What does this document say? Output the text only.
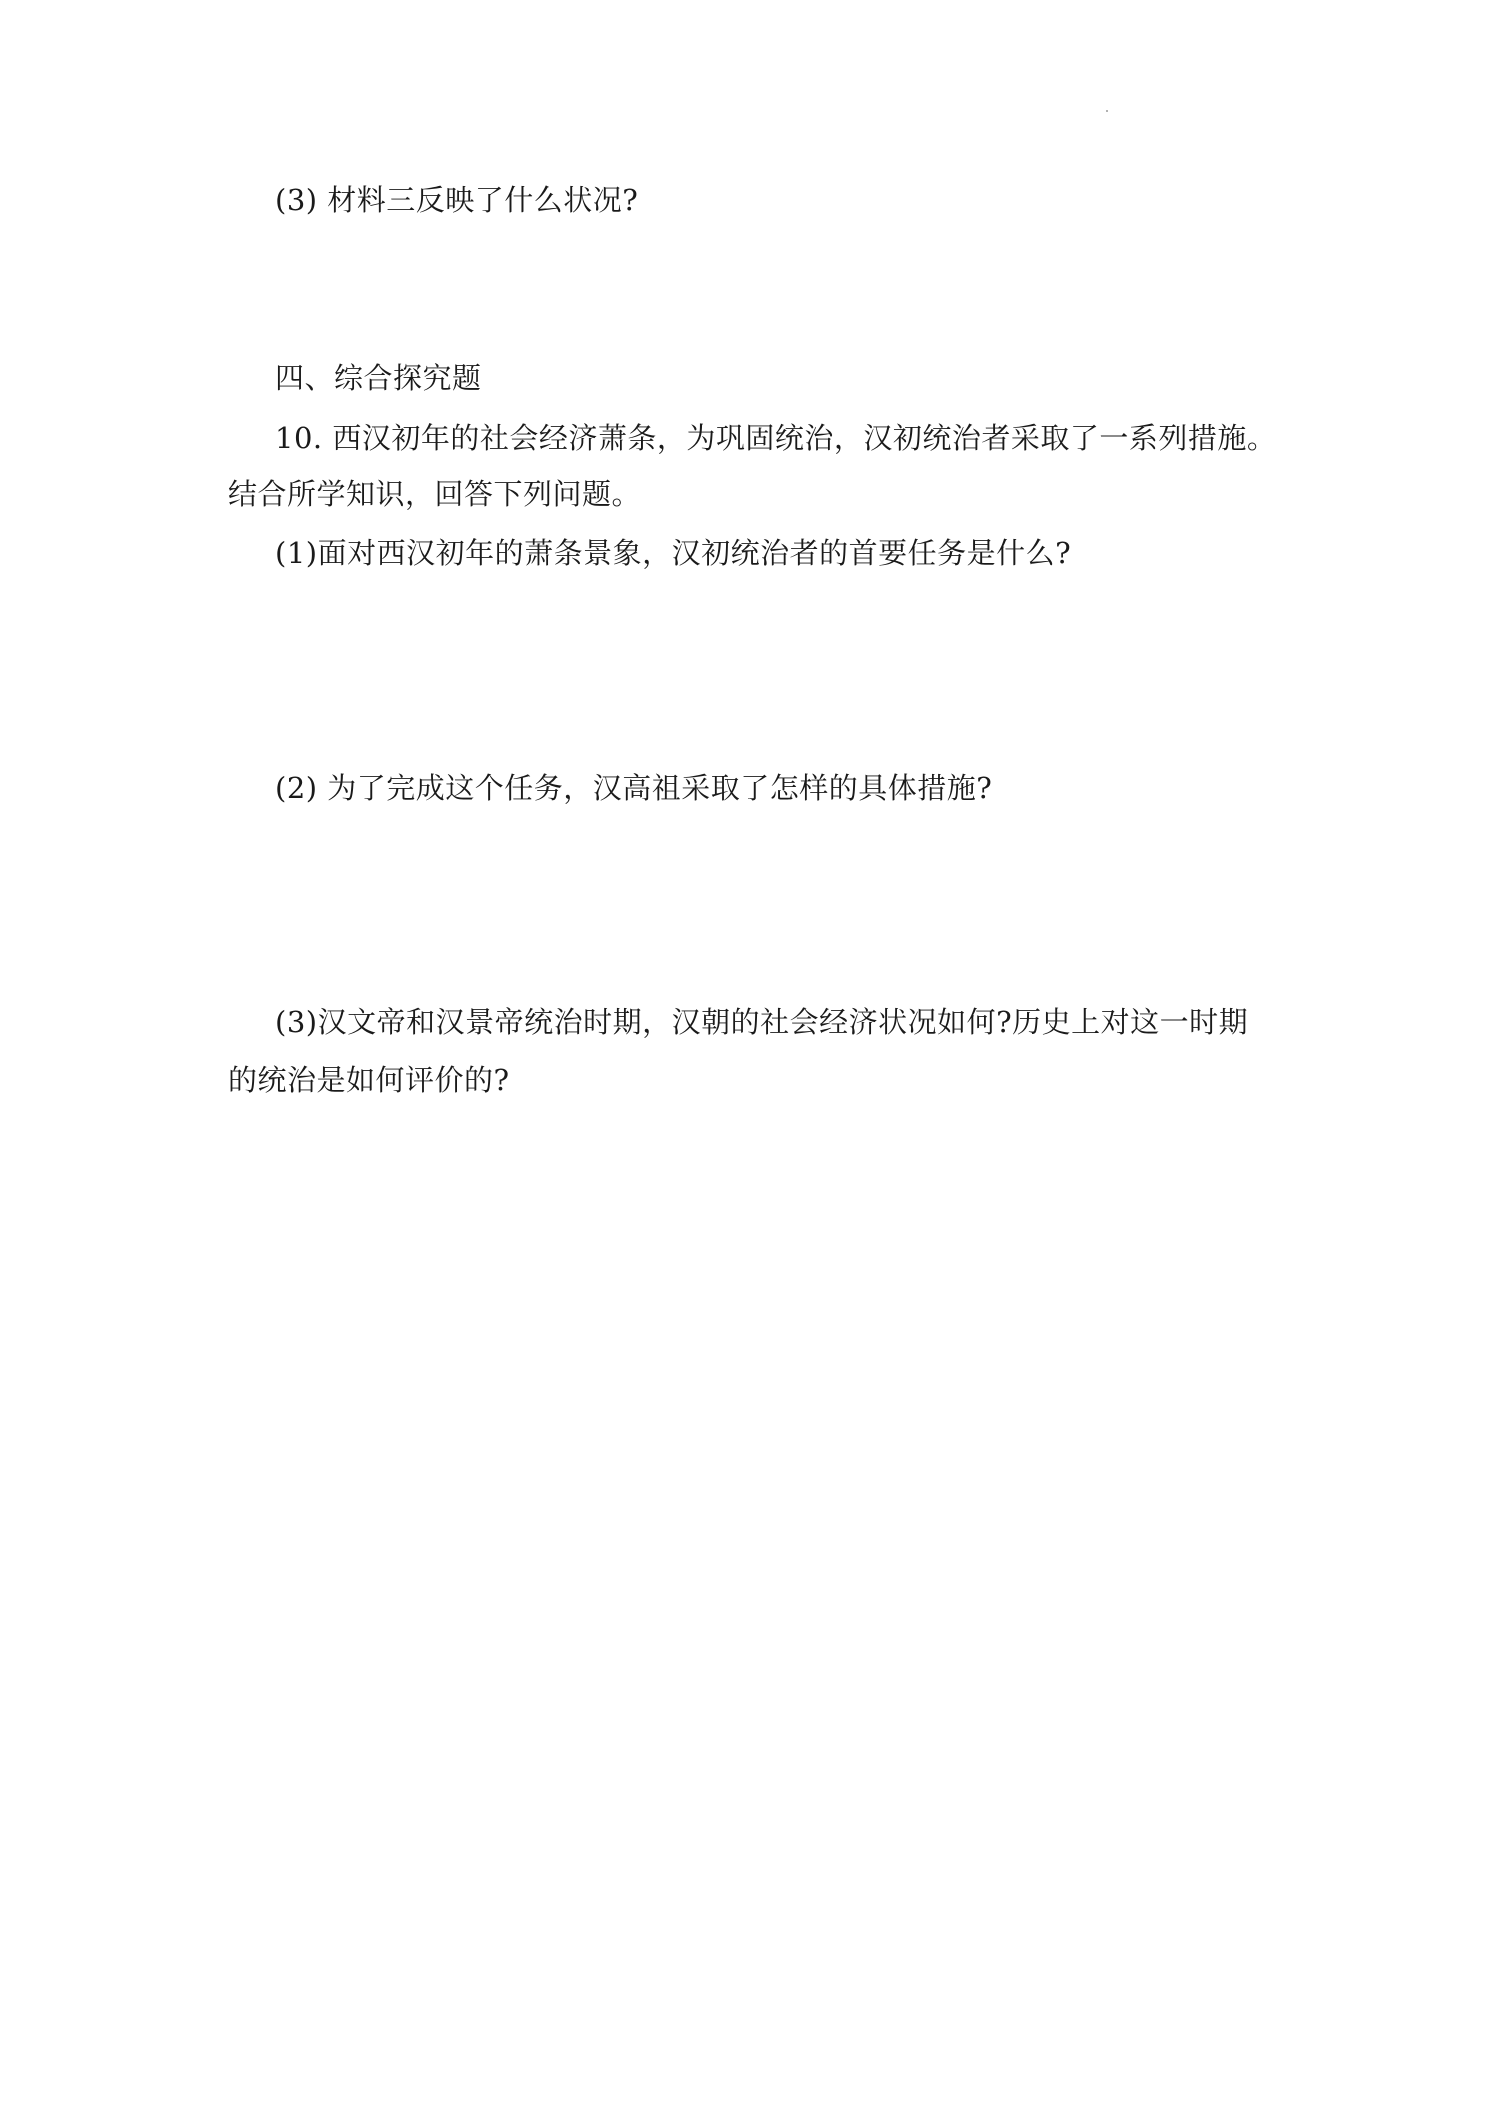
(3) 材料三反映了什么状况?
四、综合探究题
10. 西汉初年的社会经济萧条，为巩固统治，汉初统治者采取了一系列措施。
结合所学知识，回答下列问题。
(1)面对西汉初年的萧条景象，汉初统治者的首要任务是什么?
(2) 为了完成这个任务，汉高祖采取了怎样的具体措施?
(3)汉文帝和汉景帝统治时期，汉朝的社会经济状况如何?历史上对这一时期
的统治是如何评价的?
